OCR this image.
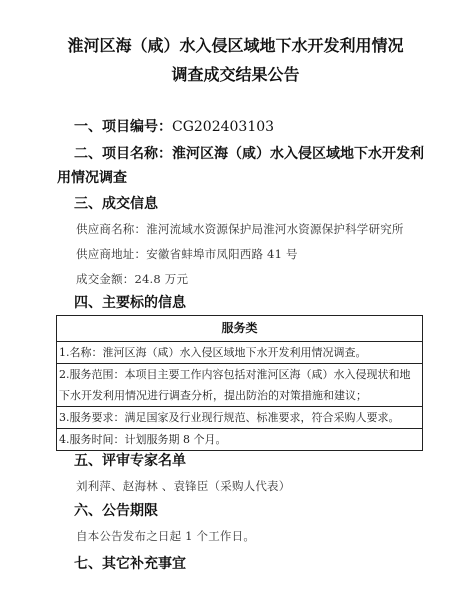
淮河区海（咸）水入侵区域地下水开发利用情况
调查成交结果公告
一、项目编号：CG202403103
二、项目名称：淮河区海（咸）水入侵区域地下水开发利
用情况调查
三、成交信息
供应商名称：淮河流域水资源保护局淮河水资源保护科学研究所
供应商地址：安徽省蚌埠市凤阳西路 41 号
成交金额：24.8 万元
四、主要标的信息
服务类
1.名称：淮河区海（咸）水入侵区域地下水开发利用情况调查。
2.服务范围：本项目主要工作内容包括对淮河区海（咸）水入侵现状和地
下水开发利用情况进行调查分析，提出防治的对策措施和建议；
3.服务要求：满足国家及行业现行规范、标准要求，符合采购人要求。
4.服务时间：计划服务期 8 个月。
五、评审专家名单
刘利萍、赵海林 、袁锋臣（采购人代表）
六、公告期限
自本公告发布之日起 1 个工作日。
七、其它补充事宜
